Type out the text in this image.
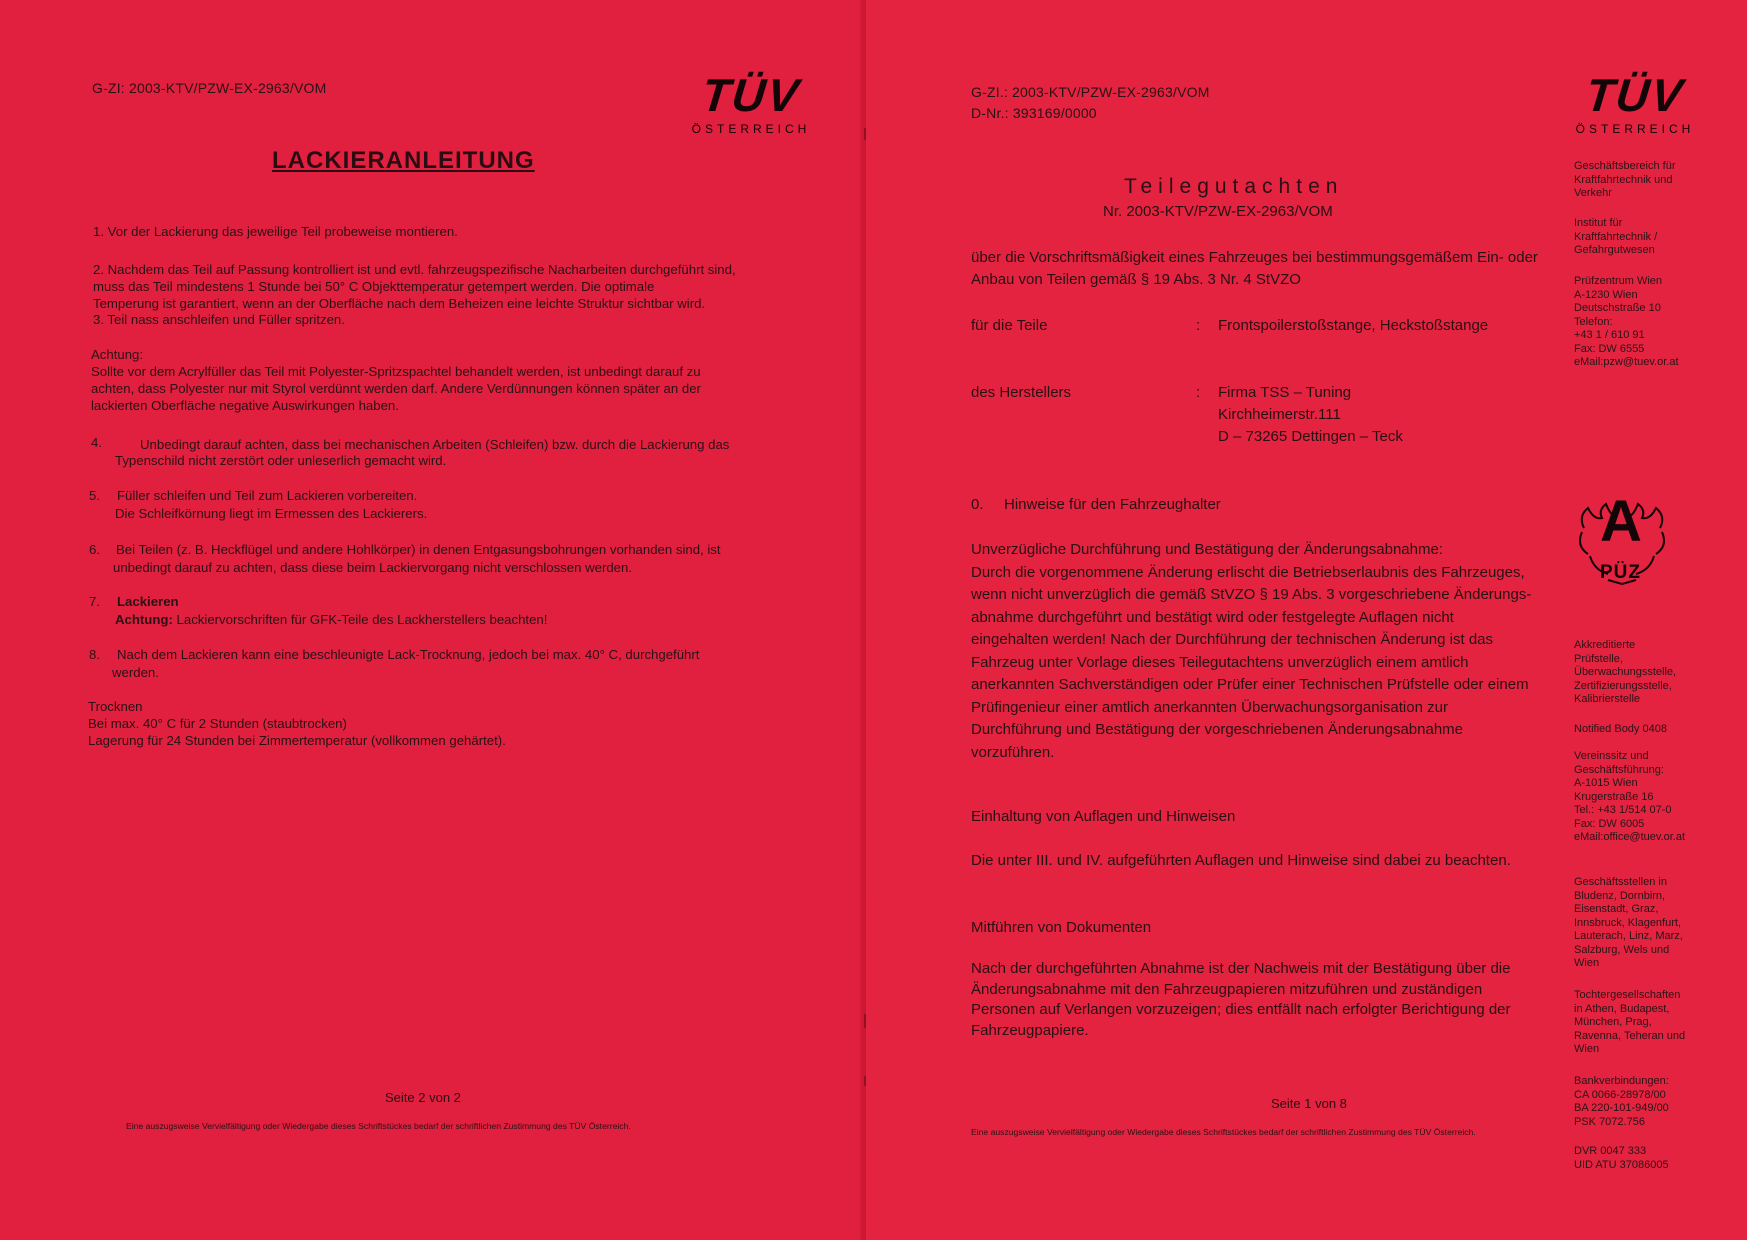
G-ZI: 2003-KTV/PZW-EX-2963/VOM	TÜV
ÖSTERREICH
LACKIERANLEITUNG

1. Vor der Lackierung das jeweilige Teil probeweise montieren.

2. Nachdem das Teil auf Passung kontrolliert ist und evtl. fahrzeugspezifische Nacharbeiten durchgeführt sind,

muss das Teil mindestens 1 Stunde bei 50° C Objekttemperatur getempert werden. Die optimale

Temperung ist garantiert, wenn an der Oberfläche nach dem Beheizen eine leichte Struktur sichtbar wird.

3. Teil nass anschleifen und Füller spritzen.

Achtung:

Sollte vor dem Acrylfüller das Teil mit Polyester-Spritzspachtel behandelt werden, ist unbedingt darauf zu

achten, dass Polyester nur mit Styrol verdünnt werden darf. Andere Verdünnungen können später an der

lackierten Oberfläche negative Auswirkungen haben.

4.	Unbedingt darauf achten, dass bei mechanischen Arbeiten (Schleifen) bzw. durch die Lackierung das

Typenschild nicht zerstört oder unleserlich gemacht wird.

5. Füller schleifen und Teil zum Lackieren vorbereiten.

Die Schleifkörnung liegt im Ermessen des Lackierers.

6. Bei Teilen (z. B. Heckflügel und andere Hohlkörper) in denen Entgasungsbohrungen vorhanden sind, ist

unbedingt darauf zu achten, dass diese beim Lackiervorgang nicht verschlossen werden.

7. Lackieren

Achtung: Lackiervorschriften für GFK-Teile des Lackherstellers beachten!

8. Nach dem Lackieren kann eine beschleunigte Lack-Trocknung, jedoch bei max. 40° C, durchgeführt

werden.

Trocknen

Bei max. 40° C für 2 Stunden (staubtrocken)

Lagerung für 24 Stunden bei Zimmertemperatur (vollkommen gehärtet).

Seite 2 von 2
Eine auszugsweise Vervielfältigung oder Wiedergabe dieses Schriftstückes bedarf der schriftlichen Zustimmung des TÜV Österreich.
G-ZI.: 2003-KTV/PZW-EX-2963/VOM
D-Nr.: 393169/0000	TÜV
ÖSTERREICH
Teilegutachten
Nr. 2003-KTV/PZW-EX-2963/VOM
über die Vorschriftsmäßigkeit eines Fahrzeuges bei bestimmungsgemäßem Ein- oder
Anbau von Teilen gemäß § 19 Abs. 3 Nr. 4 StVZO
für die Teile	: Frontspoilerstoßstange, Heckstoßstange
des Herstellers	: Firma TSS – Tuning
Kirchheimerstr.111
D – 73265 Dettingen – Teck
0. Hinweise für den Fahrzeughalter
Unverzügliche Durchführung und Bestätigung der Änderungsabnahme:
Durch die vorgenommene Änderung erlischt die Betriebserlaubnis des Fahrzeuges,
wenn nicht unverzüglich die gemäß StVZO § 19 Abs. 3 vorgeschriebene Änderungs-
abnahme durchgeführt und bestätigt wird oder festgelegte Auflagen nicht
eingehalten werden! Nach der Durchführung der technischen Änderung ist das
Fahrzeug unter Vorlage dieses Teilegutachtens unverzüglich einem amtlich
anerkannten Sachverständigen oder Prüfer einer Technischen Prüfstelle oder einem
Prüfingenieur einer amtlich anerkannten Überwachungsorganisation zur
Durchführung und Bestätigung der vorgeschriebenen Änderungsabnahme
vorzuführen.
Einhaltung von Auflagen und Hinweisen
Die unter III. und IV. aufgeführten Auflagen und Hinweise sind dabei zu beachten.
Mitführen von Dokumenten
Nach der durchgeführten Abnahme ist der Nachweis mit der Bestätigung über die
Änderungsabnahme mit den Fahrzeugpapieren mitzuführen und zuständigen
Personen auf Verlangen vorzuzeigen; dies entfällt nach erfolgter Berichtigung der
Fahrzeugpapiere.
Seite 1 von 8
Eine auszugsweise Vervielfältigung oder Wiedergabe dieses Schriftstückes bedarf der schriftlichen Zustimmung des TÜV Österreich.
A
PÜZ
Geschäftsbereich für
Kraftfahrtechnik und
Verkehr
Institut für
Kraftfahrtechnik /
Gefahrgutwesen
Prüfzentrum Wien
A-1230 Wien
Deutschstraße 10
Telefon:
+43 1 / 610 91
Fax: DW 6555
eMail:pzw@tuev.or.at
Akkreditierte
Prüfstelle,
Überwachungsstelle,
Zertifizierungsstelle,
Kalibrierstelle
Notified Body 0408
Vereinssitz und
Geschäftsführung:
A-1015 Wien
Krugerstraße 16
Tel.: +43 1/514 07-0
Fax: DW 6005
eMail:office@tuev.or.at
Geschäftsstellen in
Bludenz, Dornbirn,
Eisenstadt, Graz,
Innsbruck, Klagenfurt,
Lauterach, Linz, Marz,
Salzburg, Wels und
Wien
Tochtergesellschaften
in Athen, Budapest,
München, Prag,
Ravenna, Teheran und
Wien
Bankverbindungen:
CA 0066-28978/00
BA 220-101-949/00
PSK 7072.756
DVR 0047 333
UID ATU 37086005
